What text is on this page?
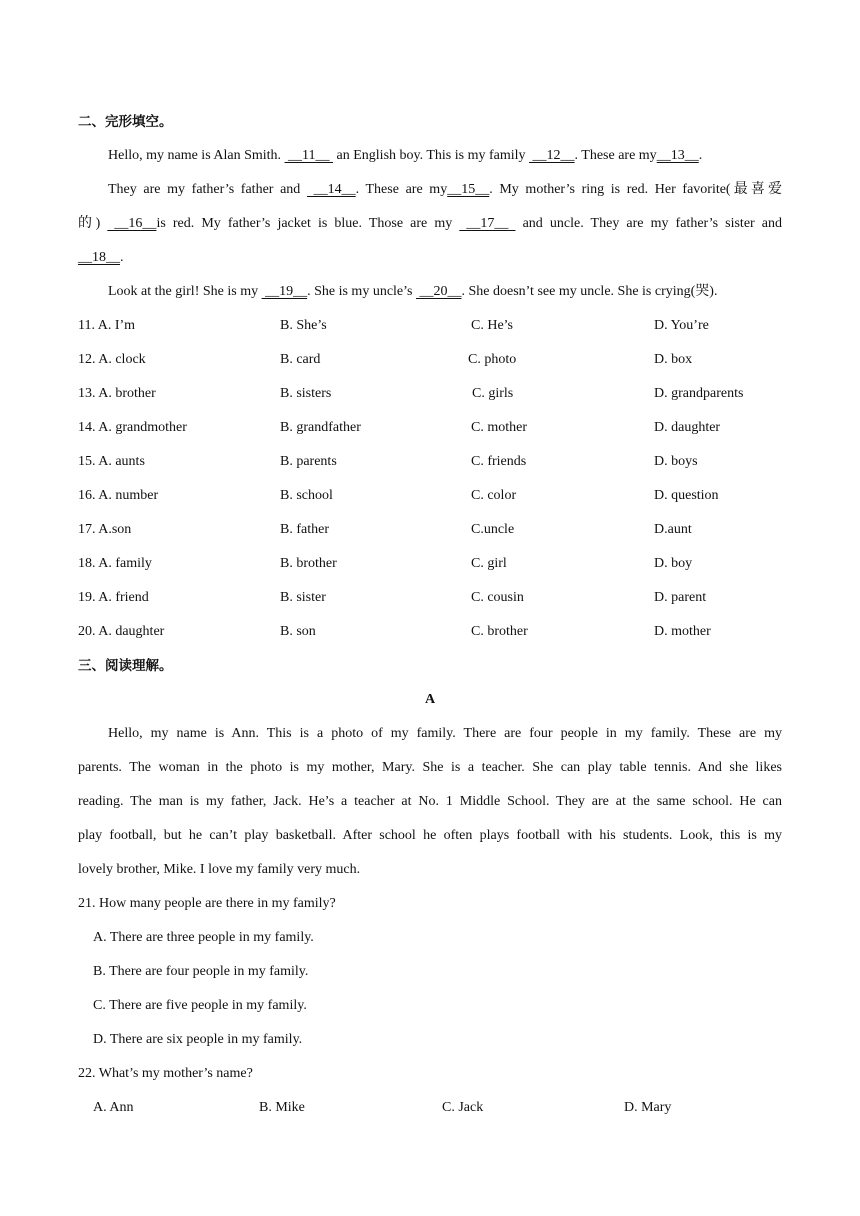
二、完形填空。
Hello, my name is Alan Smith.  __11__  an English boy. This is my family  __12__. These are my__13__.
They are my father’s father and  __14__. These are my__15__. My mother’s ring is red. Her favorite(最喜爱
的)  __16__is red. My father’s jacket is blue. Those are my  __17__  and uncle. They are my father’s sister and
__18__.
Look at the girl! She is my  __19__. She is my uncle’s  __20__. She doesn’t see my uncle. She is crying(哭).
11. A. I’m	B. She’s	C. He’s	D. You’re
12. A. clock	B. card	C. photo	D. box
13. A. brother	B. sisters	C. girls	D. grandparents
14. A. grandmother	B. grandfather	C. mother	D. daughter
15. A. aunts	B. parents	C. friends	D. boys
16. A. number	B. school	C. color	D. question
17. A.son	B. father	C.uncle	D.aunt
18. A. family	B. brother	C. girl	D. boy
19. A. friend	B. sister	C. cousin	D. parent
20. A. daughter	B. son	C. brother	D. mother
三、阅读理解。
A
Hello, my name is Ann. This is a photo of my family. There are four people in my family. These are my
parents. The woman in the photo is my mother, Mary. She is a teacher. She can play table tennis. And she likes
reading. The man is my father, Jack. He’s a teacher at No. 1 Middle School. They are at the same school. He can
play football, but he can’t play basketball. After school he often plays football with his students. Look, this is my
lovely brother, Mike. I love my family very much.
21. How many people are there in my family?
A. There are three people in my family.
B. There are four people in my family.
C. There are five people in my family.
D. There are six people in my family.
22. What’s my mother’s name?
A. Ann	B. Mike	C. Jack	D. Mary
